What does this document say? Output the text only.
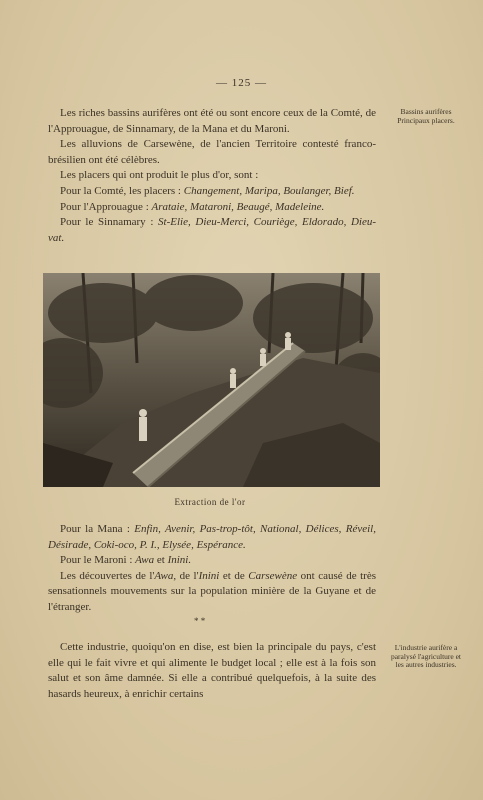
— 125 —

Les riches bassins aurifères ont été ou sont encore ceux de la Comté, de l'Approuague, de Sinnamary, de la Mana et du Maroni.

Les alluvions de Carsewène, de l'ancien Territoire contesté franco-brésilien ont été célèbres.

Les placers qui ont produit le plus d'or, sont :

Pour la Comté, les placers : Changement, Maripa, Boulanger, Bief.

Pour l'Approuague : Arataie, Mataroni, Beaugé, Madeleine.

Pour le Sinnamary : St-Elie, Dieu-Merci, Couriège, Eldorado, Dieu-vat.

Bassins aurifères Principaux placers.
Extraction de l'or

Pour la Mana : Enfin, Avenir, Pas-trop-tôt, National, Délices, Réveil, Désirade, Coki-oco, P. I., Elysée, Espérance.

Pour le Maroni : Awa et Inini.

Les découvertes de l'Awa, de l'Inini et de Carsewène ont causé de très sensationnels mouvements sur la population minière de la Guyane et de l'étranger.

* *

Cette industrie, quoiqu'on en dise, est bien la principale du pays, c'est elle qui le fait vivre et qui alimente le budget local ; elle est à la fois son salut et son âme damnée. Si elle a contribué quelquefois, à la suite des hasards heureux, à enrichir certains

L'industrie aurifère a paralysé l'agriculture et les autres industries.
